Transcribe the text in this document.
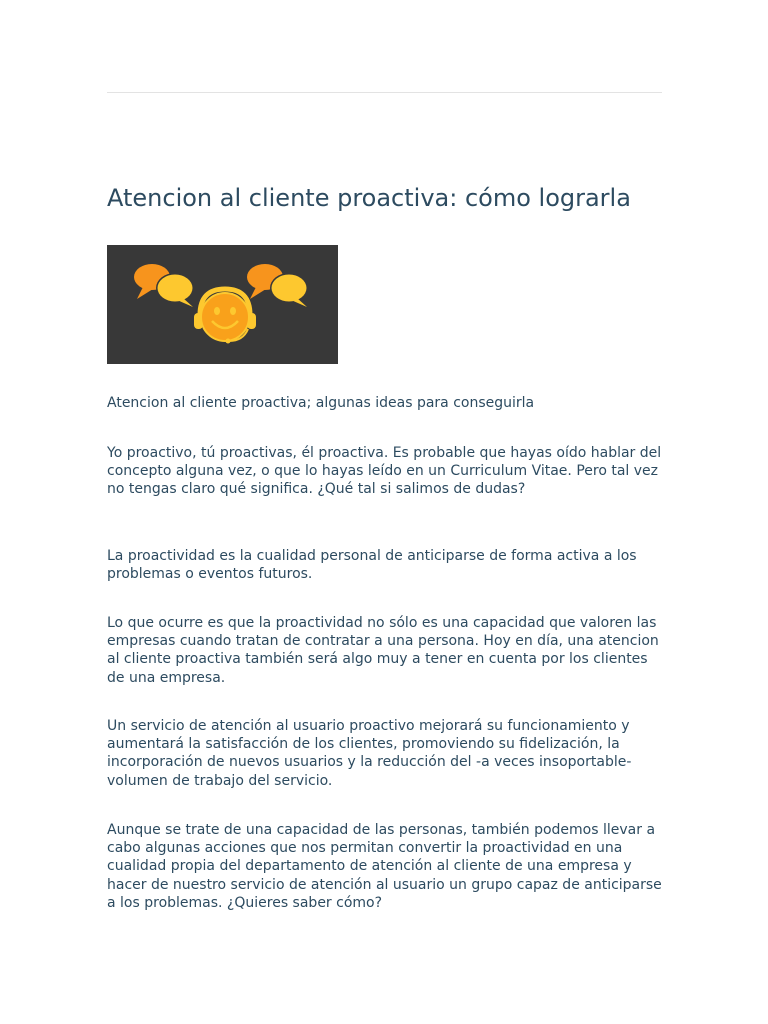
Atencion al cliente proactiva: cómo lograrla

Atencion al cliente proactiva; algunas ideas para conseguirla

Yo proactivo, tú proactivas, él proactiva. Es probable que hayas oído hablar del concepto alguna vez, o que lo hayas leído en un Curriculum Vitae. Pero tal vez no tengas claro qué significa. ¿Qué tal si salimos de dudas?

La proactividad es la cualidad personal de anticiparse de forma activa a los problemas o eventos futuros.

Lo que ocurre es que la proactividad no sólo es una capacidad que valoren las empresas cuando tratan de contratar a una persona. Hoy en día, una atencion al cliente proactiva también será algo muy a tener en cuenta por los clientes de una empresa.

Un servicio de atención al usuario proactivo mejorará su funcionamiento y aumentará la satisfacción de los clientes, promoviendo su fidelización, la incorporación de nuevos usuarios y la reducción del -a veces insoportable- volumen de trabajo del servicio.

Aunque se trate de una capacidad de las personas, también podemos llevar a cabo algunas acciones que nos permitan convertir la proactividad en una cualidad propia del departamento de atención al cliente de una empresa y hacer de nuestro servicio de atención al usuario un grupo capaz de anticiparse a los problemas. ¿Quieres saber cómo?
